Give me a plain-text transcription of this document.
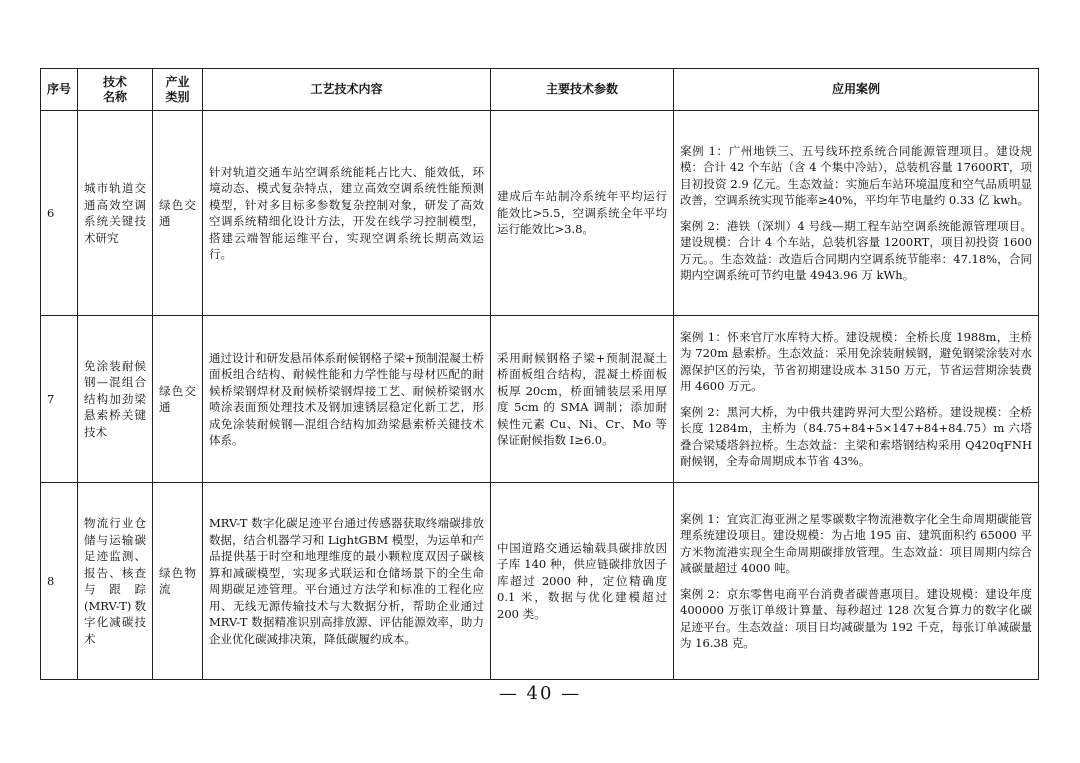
序号	技术名称	产业类别	工艺技术内容	主要技术参数	应用案例
6	城市轨道交通高效空调系统关键技术研究	绿色交通	针对轨道交通车站空调系统能耗占比大、能效低，环境动态、模式复杂特点，建立高效空调系统性能预测模型，针对多目标多参数复杂控制对象，研发了高效空调系统精细化设计方法，开发在线学习控制模型，搭建云端智能运维平台，实现空调系统长期高效运行。	建成后车站制冷系统年平均运行能效比>5.5，空调系统全年平均运行能效比>3.8。	案例 1：广州地铁三、五号线环控系统合同能源管理项目。建设规模：合计 42 个车站（含 4 个集中冷站），总装机容量 17600RT，项目初投资 2.9 亿元。生态效益：实施后车站环境温度和空气品质明显改善，空调系统实现节能率≥40%，平均年节电量约 0.33 亿 kwh。
案例 2：港铁（深圳）4 号线—期工程车站空调系统能源管理项目。建设规模：合计 4 个车站，总装机容量 1200RT，项目初投资 1600 万元。。生态效益：改造后合同期内空调系统节能率：47.18%，合同期内空调系统可节约电量 4943.96 万 kWh。

7	免涂装耐候钢—混组合结构加劲梁悬索桥关键技术	绿色交通	通过设计和研发悬吊体系耐候钢格子梁+预制混凝土桥面板组合结构、耐候性能和力学性能与母材匹配的耐候桥梁钢焊材及耐候桥梁钢焊接工艺、耐候桥梁钢水喷涂表面预处理技术及钢加速锈层稳定化新工艺，形成免涂装耐候钢—混组合结构加劲梁悬索桥关键技术体系。	采用耐候钢格子梁+预制混凝土桥面板组合结构，混凝土桥面板板厚 20cm，桥面铺装层采用厚度 5cm 的 SMA 调制；添加耐候性元素 Cu、Ni、Cr、Mo 等保证耐候指数 I≥6.0。	案例 1：怀来官厅水库特大桥。建设规模：全桥长度 1988m，主桥为 720m 悬索桥。生态效益：采用免涂装耐候钢，避免钢梁涂装对水源保护区的污染，节省初期建设成本 3150 万元，节省运营期涂装费用 4600 万元。
案例 2：黑河大桥，为中俄共建跨界河大型公路桥。建设规模：全桥长度 1284m，主桥为（84.75+84+5×147+84+84.75）m 六塔叠合梁矮塔斜拉桥。生态效益：主梁和索塔钢结构采用 Q420qFNH 耐候钢，全寿命周期成本节省 43%。

8	物流行业仓储与运输碳足迹监测、报告、核查与跟踪(MRV-T)数字化减碳技术	绿色物流	MRV-T 数字化碳足迹平台通过传感器获取终端碳排放数据，结合机器学习和 LightGBM 模型，为运单和产品提供基于时空和地理维度的最小颗粒度双因子碳核算和减碳模型，实现多式联运和仓储场景下的全生命周期碳足迹管理。平台通过方法学和标准的工程化应用、无线无源传输技术与大数据分析，帮助企业通过 MRV-T 数据精准识别高排放源、评估能源效率，助力企业优化碳减排决策，降低碳履约成本。	中国道路交通运输载具碳排放因子库 140 种，供应链碳排放因子库超过 2000 种，定位精确度 0.1 米，数据与优化建模超过 200 类。	案例 1：宜宾汇海亚洲之星零碳数字物流港数字化全生命周期碳能管理系统建设项目。建设规模：为占地 195 亩、建筑面积约 65000 平方米物流港实现全生命周期碳排放管理。生态效益：项目周期内综合减碳量超过 4000 吨。
案例 2：京东零售电商平台消费者碳普惠项目。建设规模：建设年度 400000 万张订单级计算量、每秒超过 128 次复合算力的数字化碳足迹平台。生态效益：项目日均减碳量为 192 千克，每张订单减碳量为 16.38 克。
— 40 —
